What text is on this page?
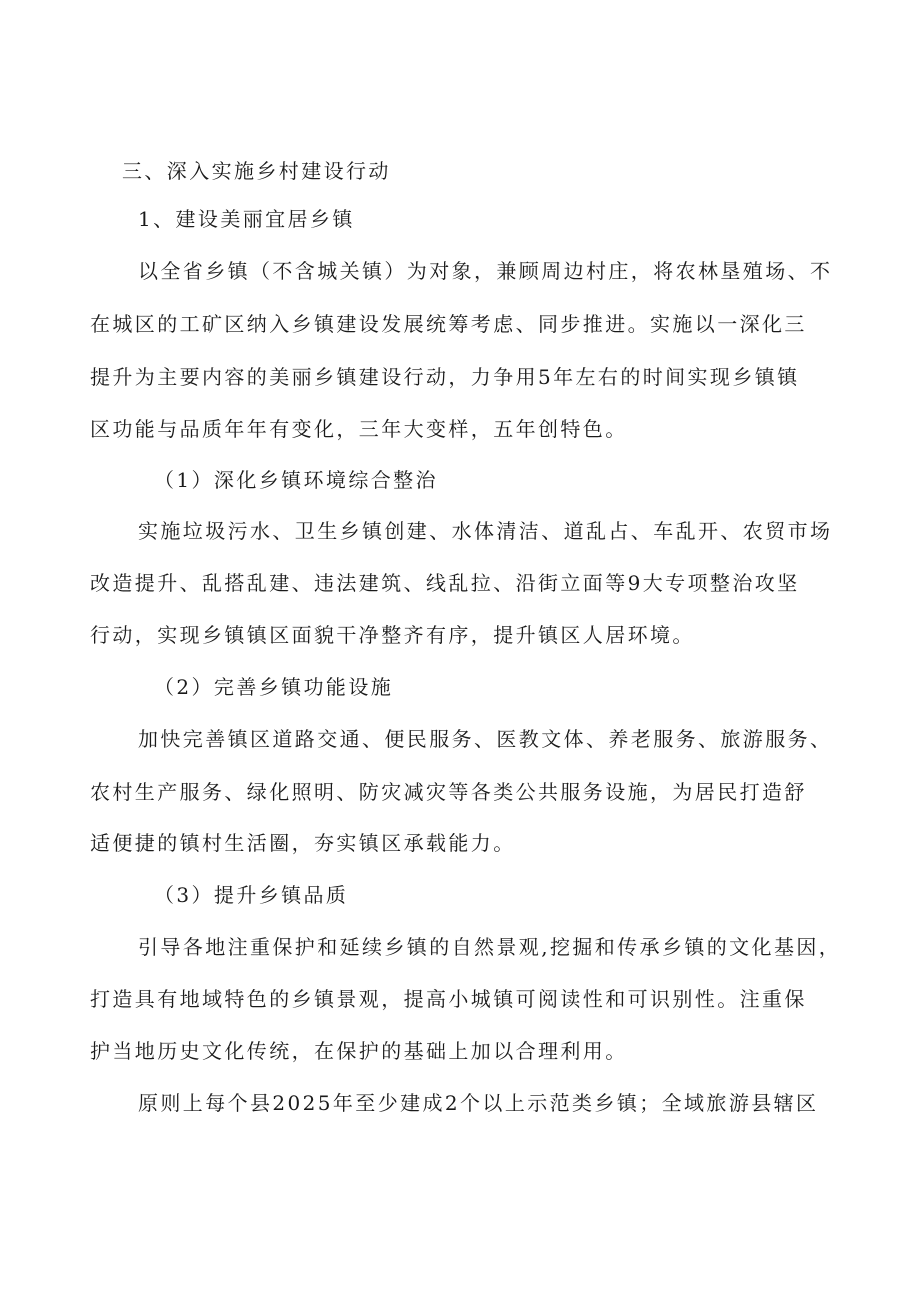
三、深入实施乡村建设行动

1、建设美丽宜居乡镇

以全省乡镇（不含城关镇）为对象，兼顾周边村庄，将农林垦殖场、不

在城区的工矿区纳入乡镇建设发展统筹考虑、同步推进。实施以一深化三

提升为主要内容的美丽乡镇建设行动，力争用5年左右的时间实现乡镇镇

区功能与品质年年有变化，三年大变样，五年创特色。

（1）深化乡镇环境综合整治

实施垃圾污水、卫生乡镇创建、水体清洁、道乱占、车乱开、农贸市场

改造提升、乱搭乱建、违法建筑、线乱拉、沿街立面等9大专项整治攻坚

行动，实现乡镇镇区面貌干净整齐有序，提升镇区人居环境。

（2）完善乡镇功能设施

加快完善镇区道路交通、便民服务、医教文体、养老服务、旅游服务、

农村生产服务、绿化照明、防灾减灾等各类公共服务设施，为居民打造舒

适便捷的镇村生活圈，夯实镇区承载能力。

（3）提升乡镇品质

引导各地注重保护和延续乡镇的自然景观,挖掘和传承乡镇的文化基因，

打造具有地域特色的乡镇景观，提高小城镇可阅读性和可识别性。注重保

护当地历史文化传统，在保护的基础上加以合理利用。

原则上每个县2025年至少建成2个以上示范类乡镇；全域旅游县辖区
